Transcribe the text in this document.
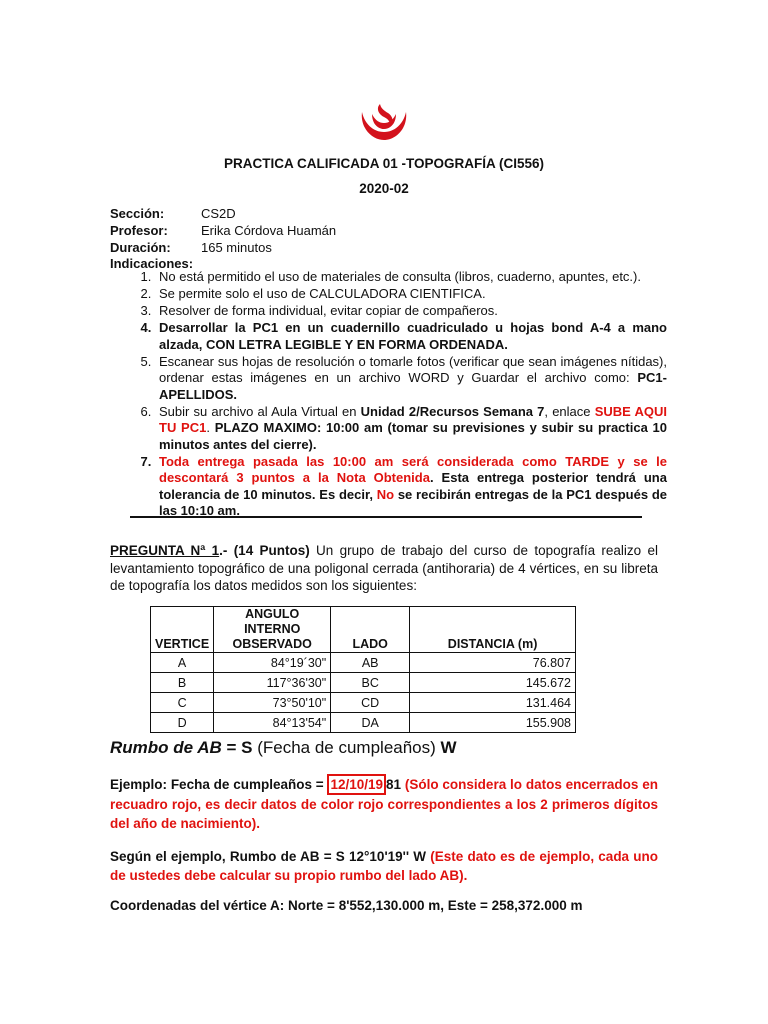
PRACTICA CALIFICADA 01 -TOPOGRAFÍA (CI556)
2020-02
Sección:	CS2D
Profesor:	Erika Córdova Huamán
Duración:	165 minutos
Indicaciones:
1. No está permitido el uso de materiales de consulta (libros, cuaderno, apuntes, etc.).
2. Se permite solo el uso de CALCULADORA CIENTIFICA.
3. Resolver de forma individual, evitar copiar de compañeros.
4. Desarrollar la PC1 en un cuadernillo cuadriculado u hojas bond A-4 a mano alzada, CON LETRA LEGIBLE Y EN FORMA ORDENADA.
5. Escanear sus hojas de resolución o tomarle fotos (verificar que sean imágenes nítidas), ordenar estas imágenes en un archivo WORD y Guardar el archivo como: PC1-APELLIDOS.
6. Subir su archivo al Aula Virtual en Unidad 2/Recursos Semana 7, enlace SUBE AQUI TU PC1. PLAZO MAXIMO: 10:00 am (tomar su previsiones y subir su practica 10 minutos antes del cierre).
7. Toda entrega pasada las 10:00 am será considerada como TARDE y se le descontará 3 puntos a la Nota Obtenida. Esta entrega posterior tendrá una tolerancia de 10 minutos. Es decir, No se recibirán entregas de la PC1 después de las 10:10 am.
PREGUNTA Nª 1.- (14 Puntos) Un grupo de trabajo del curso de topografía realizo el levantamiento topográfico de una poligonal cerrada (antihoraria) de 4 vértices, en su libreta de topografía los datos medidos son los siguientes:
VERTICE	ANGULO INTERNO OBSERVADO	LADO	DISTANCIA (m)
A	84°19´30"	AB	76.807
B	117°36'30"	BC	145.672
C	73°50'10"	CD	131.464
D	84°13'54"	DA	155.908
Rumbo de AB = S (Fecha de cumpleaños) W
Ejemplo: Fecha de cumpleaños = 12/10/19 81 (Sólo considera lo datos encerrados en recuadro rojo, es decir datos de color rojo correspondientes a los 2 primeros dígitos del año de nacimiento).
Según el ejemplo, Rumbo de AB = S 12°10'19'' W (Este dato es de ejemplo, cada uno de ustedes debe calcular su propio rumbo del lado AB).
Coordenadas del vértice A: Norte = 8'552,130.000 m, Este = 258,372.000 m
